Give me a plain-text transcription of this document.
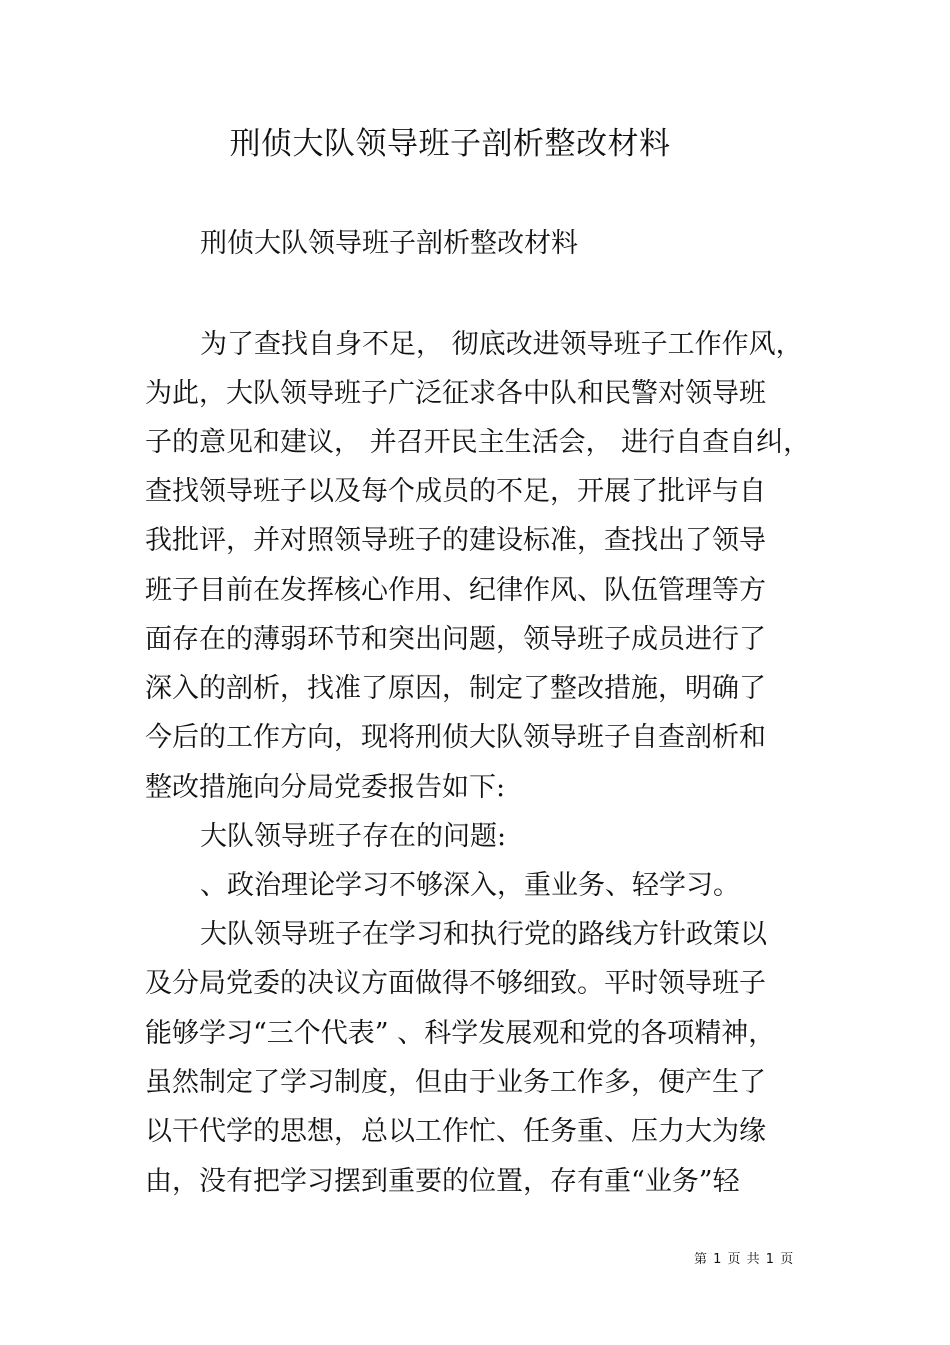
刑侦大队领导班子剖析整改材料
刑侦大队领导班子剖析整改材料
为了查找自身不足， 彻底改进领导班子工作作风，
为此，大队领导班子广泛征求各中队和民警对领导班
子的意见和建议， 并召开民主生活会， 进行自查自纠，
查找领导班子以及每个成员的不足，开展了批评与自
我批评，并对照领导班子的建设标准，查找出了领导
班子目前在发挥核心作用、纪律作风、队伍管理等方
面存在的薄弱环节和突出问题，领导班子成员进行了
深入的剖析，找准了原因，制定了整改措施，明确了
今后的工作方向，现将刑侦大队领导班子自查剖析和
整改措施向分局党委报告如下:
大队领导班子存在的问题:
、政治理论学习不够深入，重业务、轻学习。
大队领导班子在学习和执行党的路线方针政策以
及分局党委的决议方面做得不够细致。平时领导班子
能够学习“三个代表” 、科学发展观和党的各项精神，
虽然制定了学习制度，但由于业务工作多，便产生了
以干代学的思想，总以工作忙、任务重、压力大为缘
由，没有把学习摆到重要的位置，存有重“业务”轻
第 1 页 共 1 页
